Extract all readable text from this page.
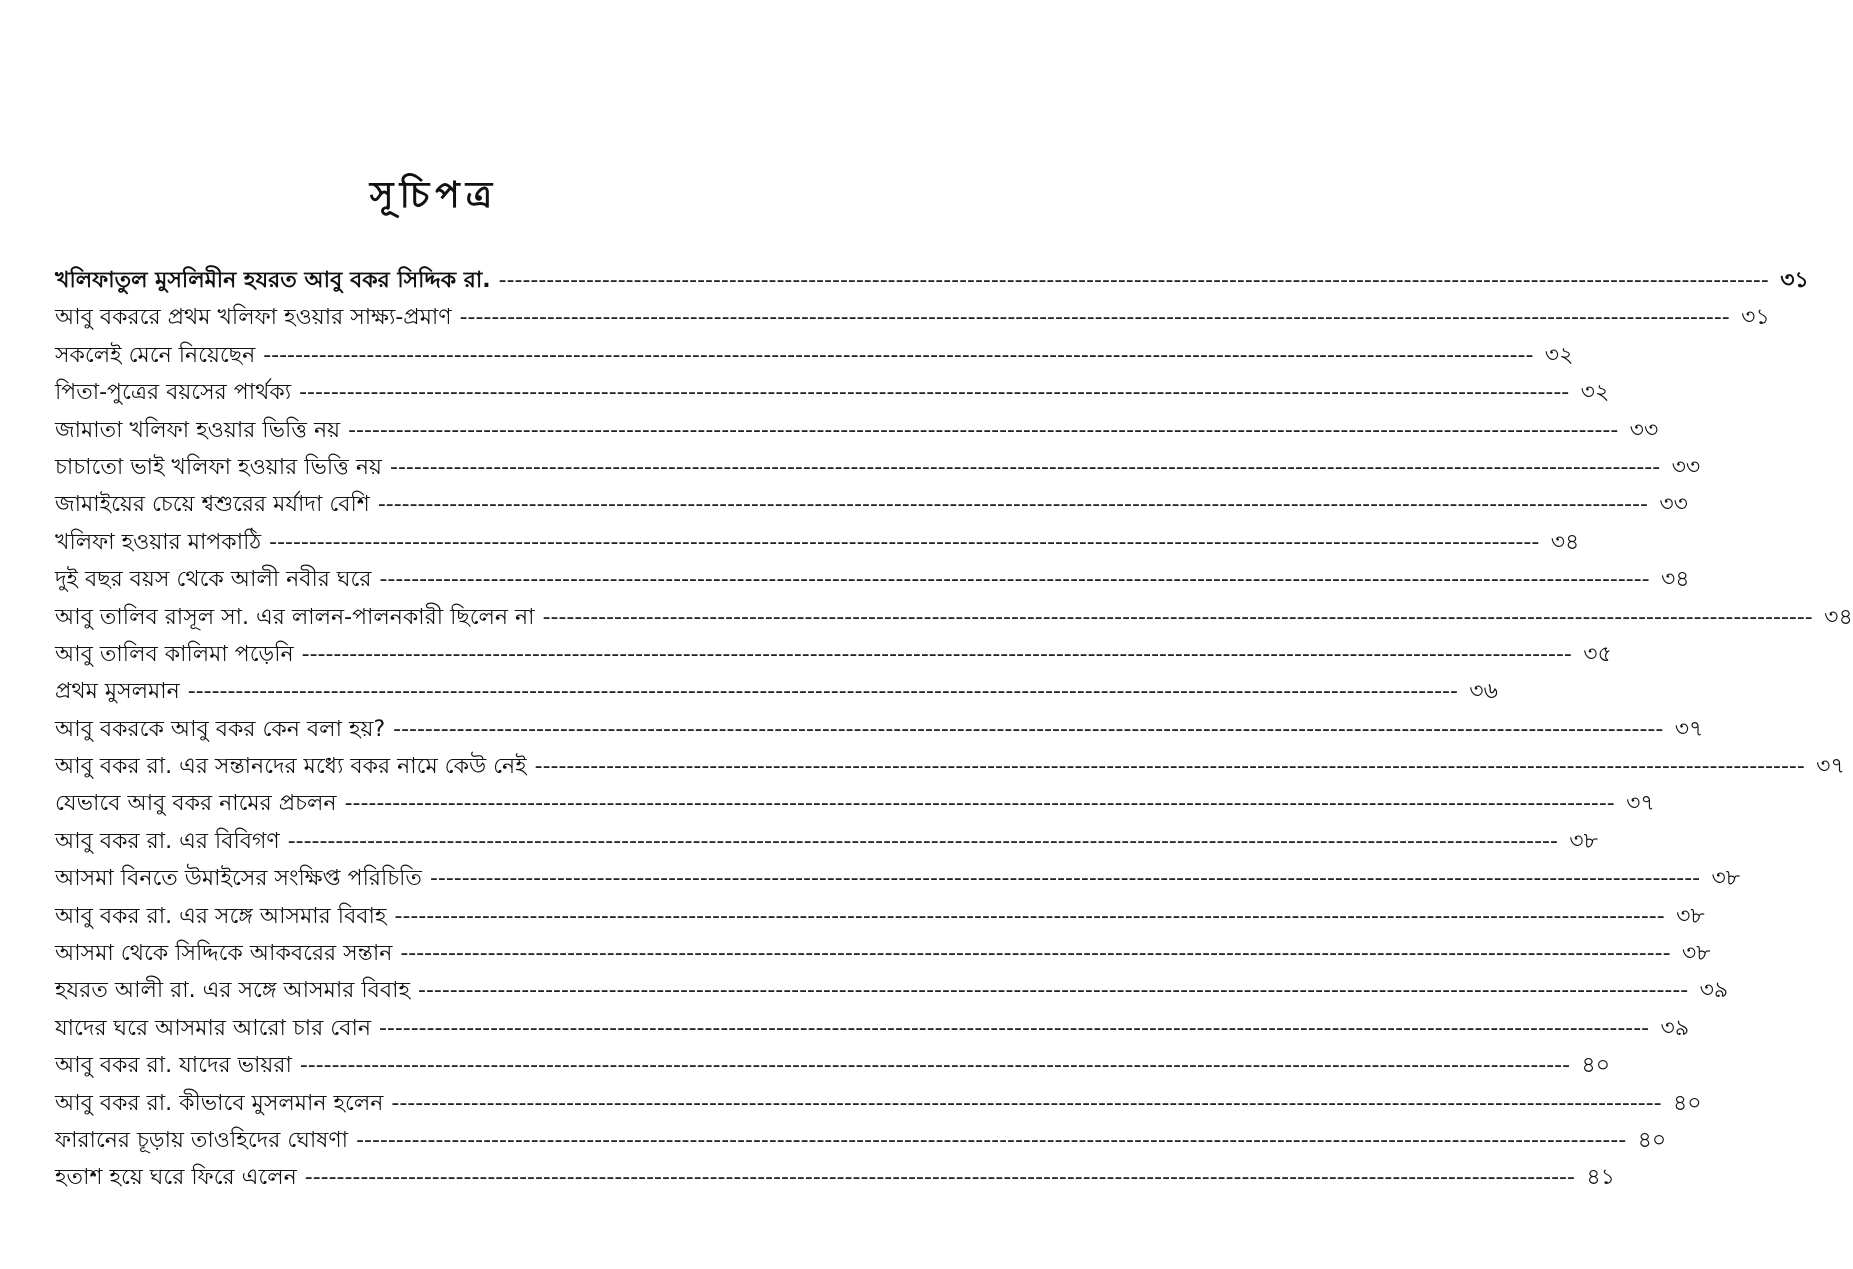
সূচিপত্র
খলিফাতুল মুসলিমীন হযরত আবু বকর সিদ্দিক রা. ---------------------------------------------------------------------------------------------------------------------------------------------------------------- ৩১
আবু বকররে প্রথম খলিফা হওয়ার সাক্ষ্য-প্রমাণ ---------------------------------------------------------------------------------------------------------------------------------------------------------------- ৩১
সকলেই মেনে নিয়েছেন ---------------------------------------------------------------------------------------------------------------------------------------------------------------- ৩২
পিতা-পুত্রের বয়সের পার্থক্য ---------------------------------------------------------------------------------------------------------------------------------------------------------------- ৩২
জামাতা খলিফা হওয়ার ভিত্তি নয় ---------------------------------------------------------------------------------------------------------------------------------------------------------------- ৩৩
চাচাতো ভাই খলিফা হওয়ার ভিত্তি নয় ---------------------------------------------------------------------------------------------------------------------------------------------------------------- ৩৩
জামাইয়ের চেয়ে শ্বশুরের মর্যাদা বেশি ---------------------------------------------------------------------------------------------------------------------------------------------------------------- ৩৩
খলিফা হওয়ার মাপকাঠি ---------------------------------------------------------------------------------------------------------------------------------------------------------------- ৩৪
দুই বছর বয়স থেকে আলী নবীর ঘরে ---------------------------------------------------------------------------------------------------------------------------------------------------------------- ৩৪
আবু তালিব রাসূল সা. এর লালন-পালনকারী ছিলেন না ---------------------------------------------------------------------------------------------------------------------------------------------------------------- ৩৪
আবু তালিব কালিমা পড়েনি ---------------------------------------------------------------------------------------------------------------------------------------------------------------- ৩৫
প্রথম মুসলমান ---------------------------------------------------------------------------------------------------------------------------------------------------------------- ৩৬
আবু বকরকে আবু বকর কেন বলা হয়? ---------------------------------------------------------------------------------------------------------------------------------------------------------------- ৩৭
আবু বকর রা. এর সন্তানদের মধ্যে বকর নামে কেউ নেই ---------------------------------------------------------------------------------------------------------------------------------------------------------------- ৩৭
যেভাবে আবু বকর নামের প্রচলন ---------------------------------------------------------------------------------------------------------------------------------------------------------------- ৩৭
আবু বকর রা. এর বিবিগণ ---------------------------------------------------------------------------------------------------------------------------------------------------------------- ৩৮
আসমা বিনতে উমাইসের সংক্ষিপ্ত পরিচিতি ---------------------------------------------------------------------------------------------------------------------------------------------------------------- ৩৮
আবু বকর রা. এর সঙ্গে আসমার বিবাহ ---------------------------------------------------------------------------------------------------------------------------------------------------------------- ৩৮
আসমা থেকে সিদ্দিকে আকবরের সন্তান ---------------------------------------------------------------------------------------------------------------------------------------------------------------- ৩৮
হযরত আলী রা. এর সঙ্গে আসমার বিবাহ ---------------------------------------------------------------------------------------------------------------------------------------------------------------- ৩৯
যাদের ঘরে আসমার আরো চার বোন ---------------------------------------------------------------------------------------------------------------------------------------------------------------- ৩৯
আবু বকর রা. যাদের ভায়রা ---------------------------------------------------------------------------------------------------------------------------------------------------------------- ৪০
আবু বকর রা. কীভাবে মুসলমান হলেন ---------------------------------------------------------------------------------------------------------------------------------------------------------------- ৪০
ফারানের চূড়ায় তাওহিদের ঘোষণা ---------------------------------------------------------------------------------------------------------------------------------------------------------------- ৪০
হতাশ হয়ে ঘরে ফিরে এলেন ---------------------------------------------------------------------------------------------------------------------------------------------------------------- ৪১
